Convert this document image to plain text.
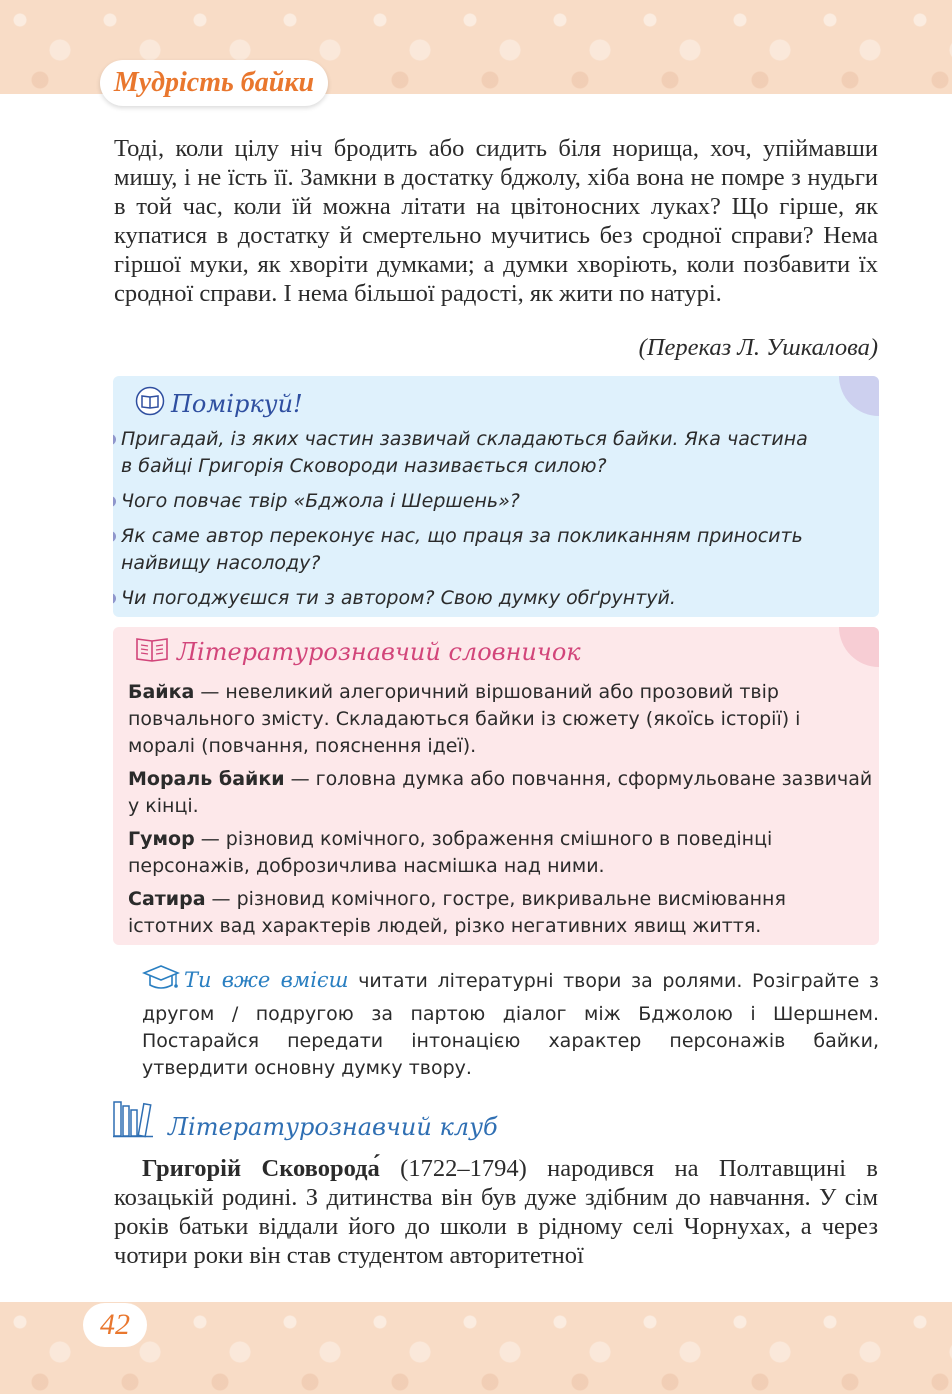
Мудрість байки
Тоді, коли цілу ніч бродить або сидить біля норища, хоч, упіймавши мишу, і не їсть її. Замкни в достатку бджолу, хіба вона не помре з нудьги в той час, коли їй можна літати на цвітоносних луках? Що гірше, як купатися в достатку й смертельно мучитись без сродної справи? Нема гіршої муки, як хворіти думками; а думки хворіють, коли позбавити їх сродної справи. І нема більшої радості, як жити по натурі.
(Переказ Л. Ушкалова)
Поміркуй!
Пригадай, із яких частин зазвичай складаються байки. Яка частина в байці Григорія Сковороди називається силою?
Чого повчає твір «Бджола і Шершень»?
Як саме автор переконує нас, що праця за покликанням приносить найвищу насолоду?
Чи погоджуєшся ти з автором? Свою думку обґрунтуй.
Літературознавчий словничок
Байка — невеликий алегоричний віршований або прозовий твір повчального змісту. Складаються байки із сюжету (якоїсь історії) і моралі (повчання, пояснення ідеї).
Мораль байки — головна думка або повчання, сформульоване зазвичай у кінці.
Гумор — різновид комічного, зображення смішного в поведінці персонажів, доброзичлива насмішка над ними.
Сатира — різновид комічного, гостре, викривальне висміювання істотних вад характерів людей, різко негативних явищ життя.
Ти вже вмієш читати літературні твори за ролями. Розіграйте з другом / подругою за партою діалог між Бджолою і Шершнем. Постарайся передати інтонацією характер персонажів байки, утвердити основну думку твору.
Літературознавчий клуб
Григорій Сковорода́ (1722–1794) народився на Полтавщині в козацькій родині. З дитинства він був дуже здібним до навчання. У сім років батьки віддали його до школи в рідному селі Чорнухах, а через чотири роки він став студентом авторитетної
42
